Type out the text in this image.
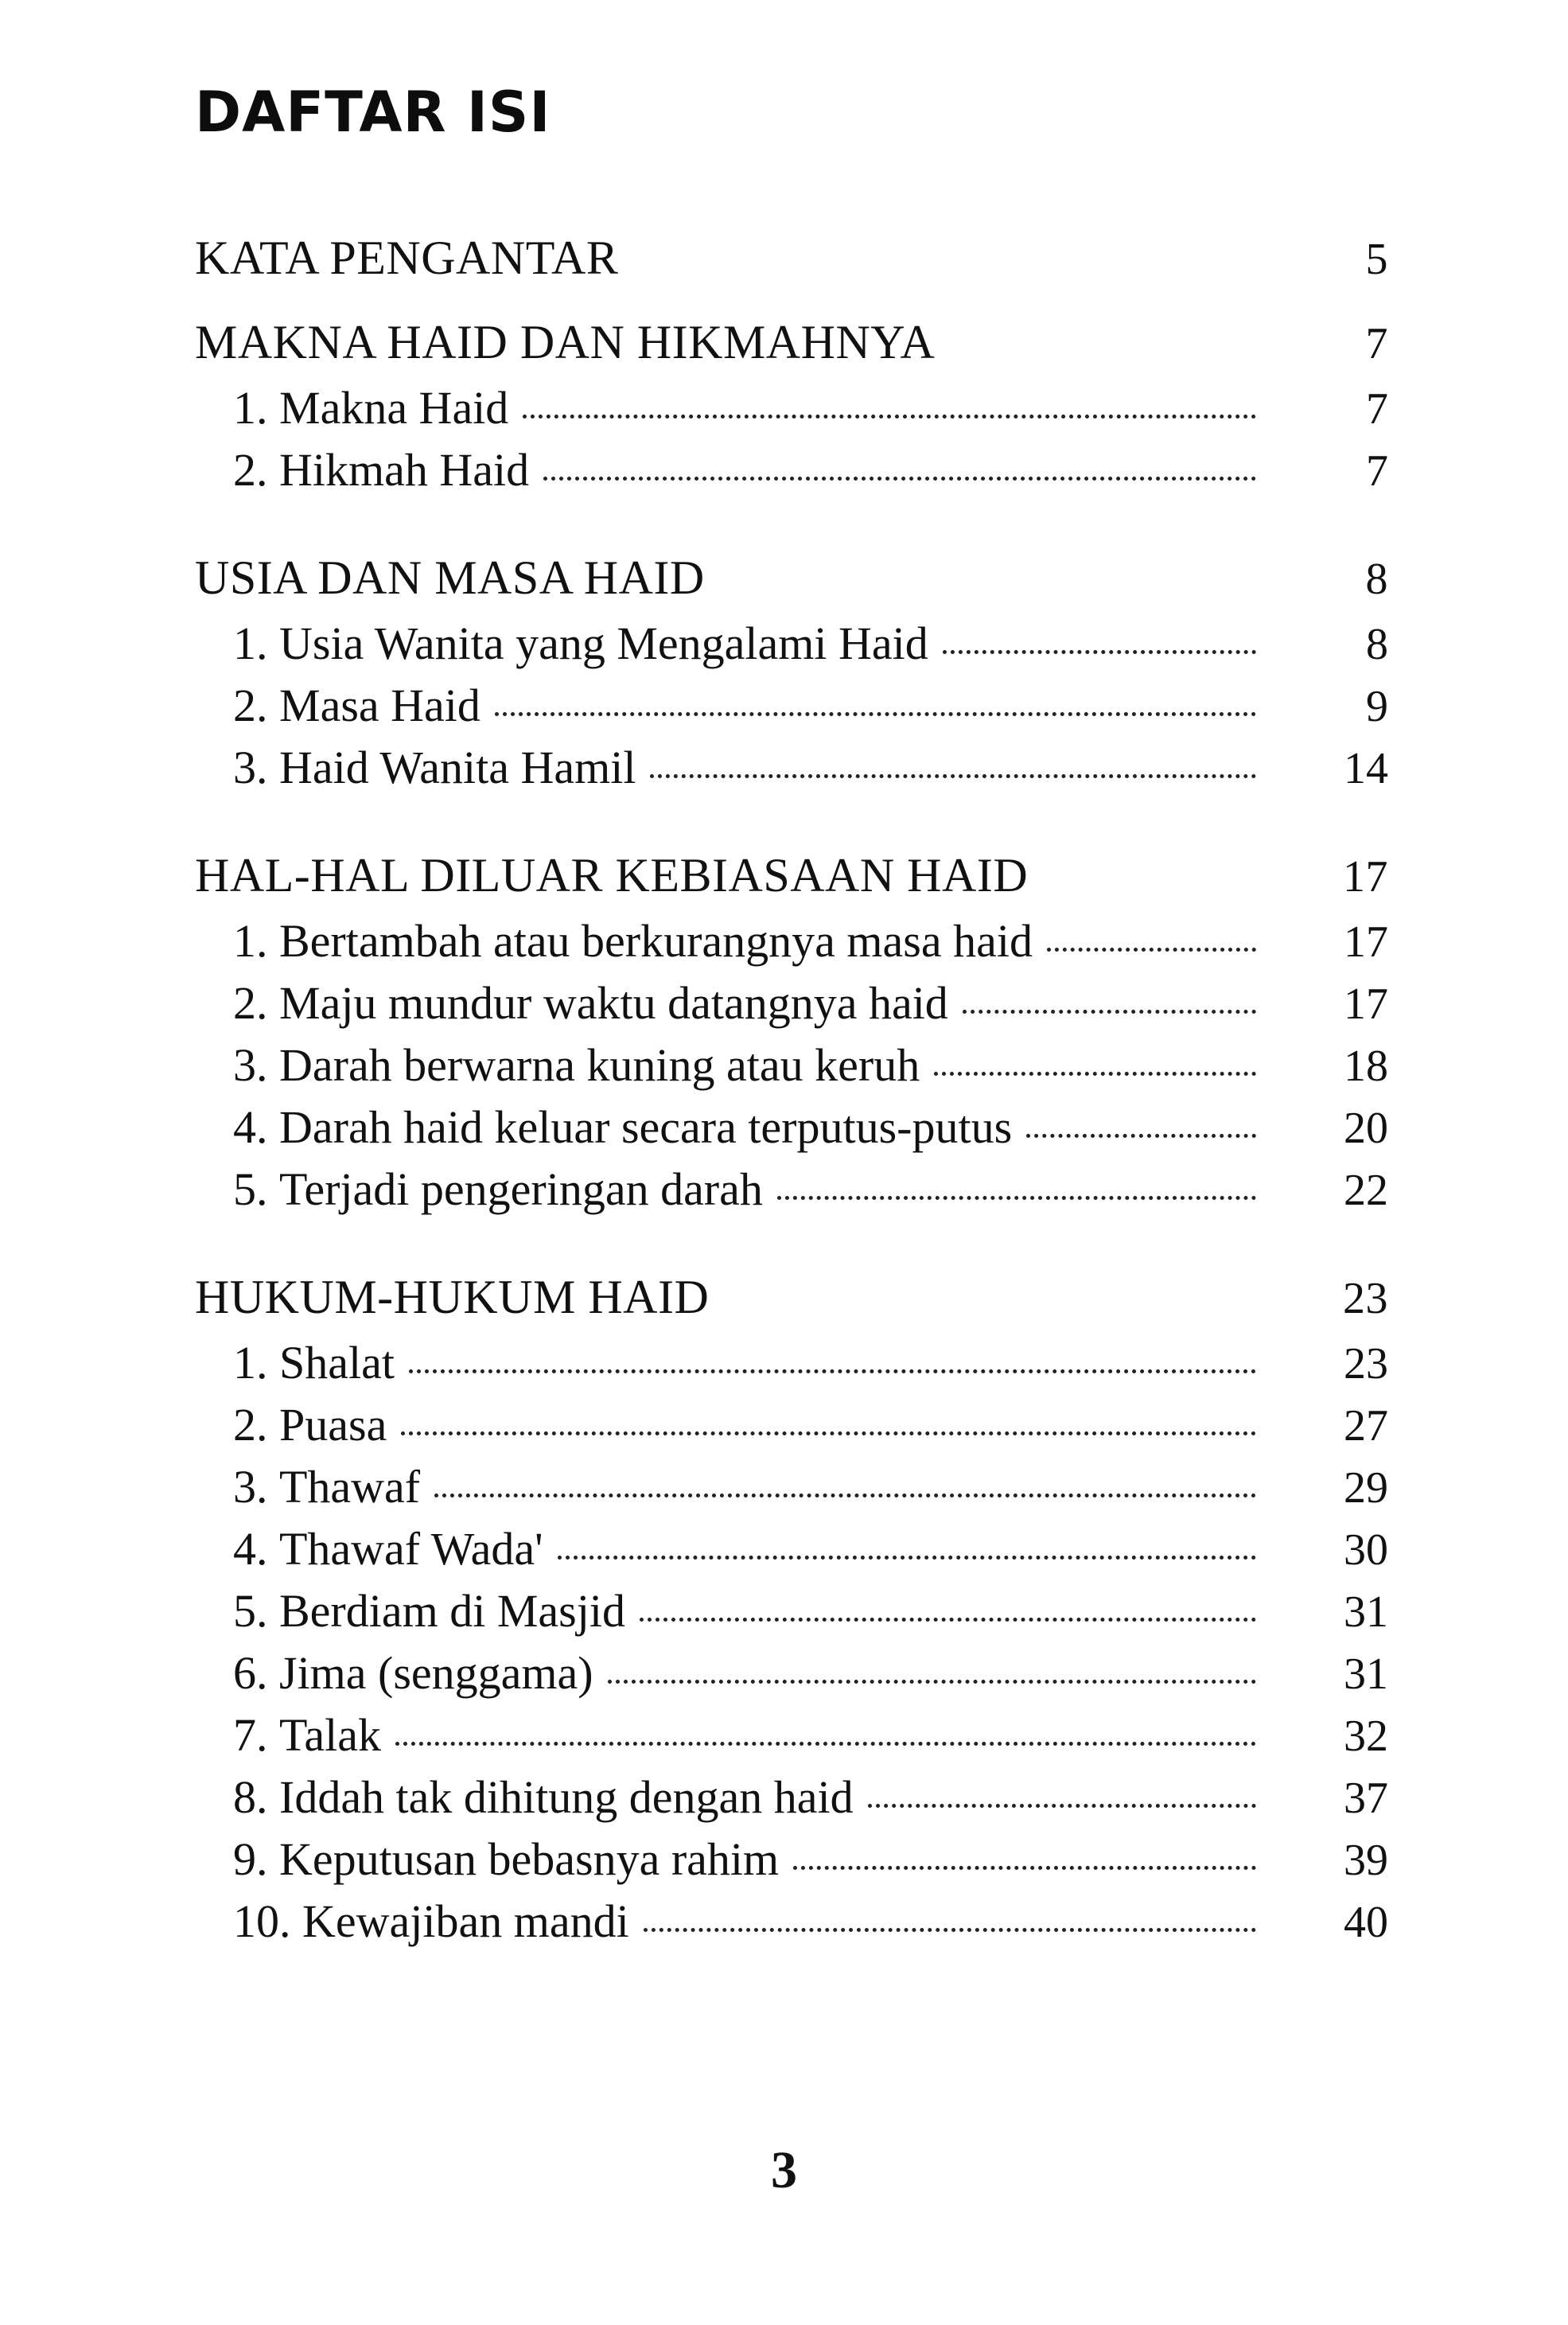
DAFTAR ISI
KATA PENGANTAR	5
MAKNA HAID DAN HIKMAHNYA	7
1. Makna Haid	7
2. Hikmah Haid	7
USIA DAN MASA HAID	8
1. Usia Wanita yang Mengalami Haid	8
2. Masa Haid	9
3. Haid Wanita Hamil	14
HAL-HAL DILUAR KEBIASAAN HAID	17
1. Bertambah atau berkurangnya masa haid	17
2. Maju mundur waktu datangnya haid	17
3. Darah berwarna kuning atau keruh	18
4. Darah haid keluar secara terputus-putus	20
5. Terjadi pengeringan darah	22
HUKUM-HUKUM HAID	23
1. Shalat	23
2. Puasa	27
3. Thawaf	29
4. Thawaf Wada'	30
5. Berdiam di Masjid	31
6. Jima (senggama)	31
7. Talak	32
8. Iddah tak dihitung dengan haid	37
9. Keputusan bebasnya rahim	39
10. Kewajiban mandi	40
3
